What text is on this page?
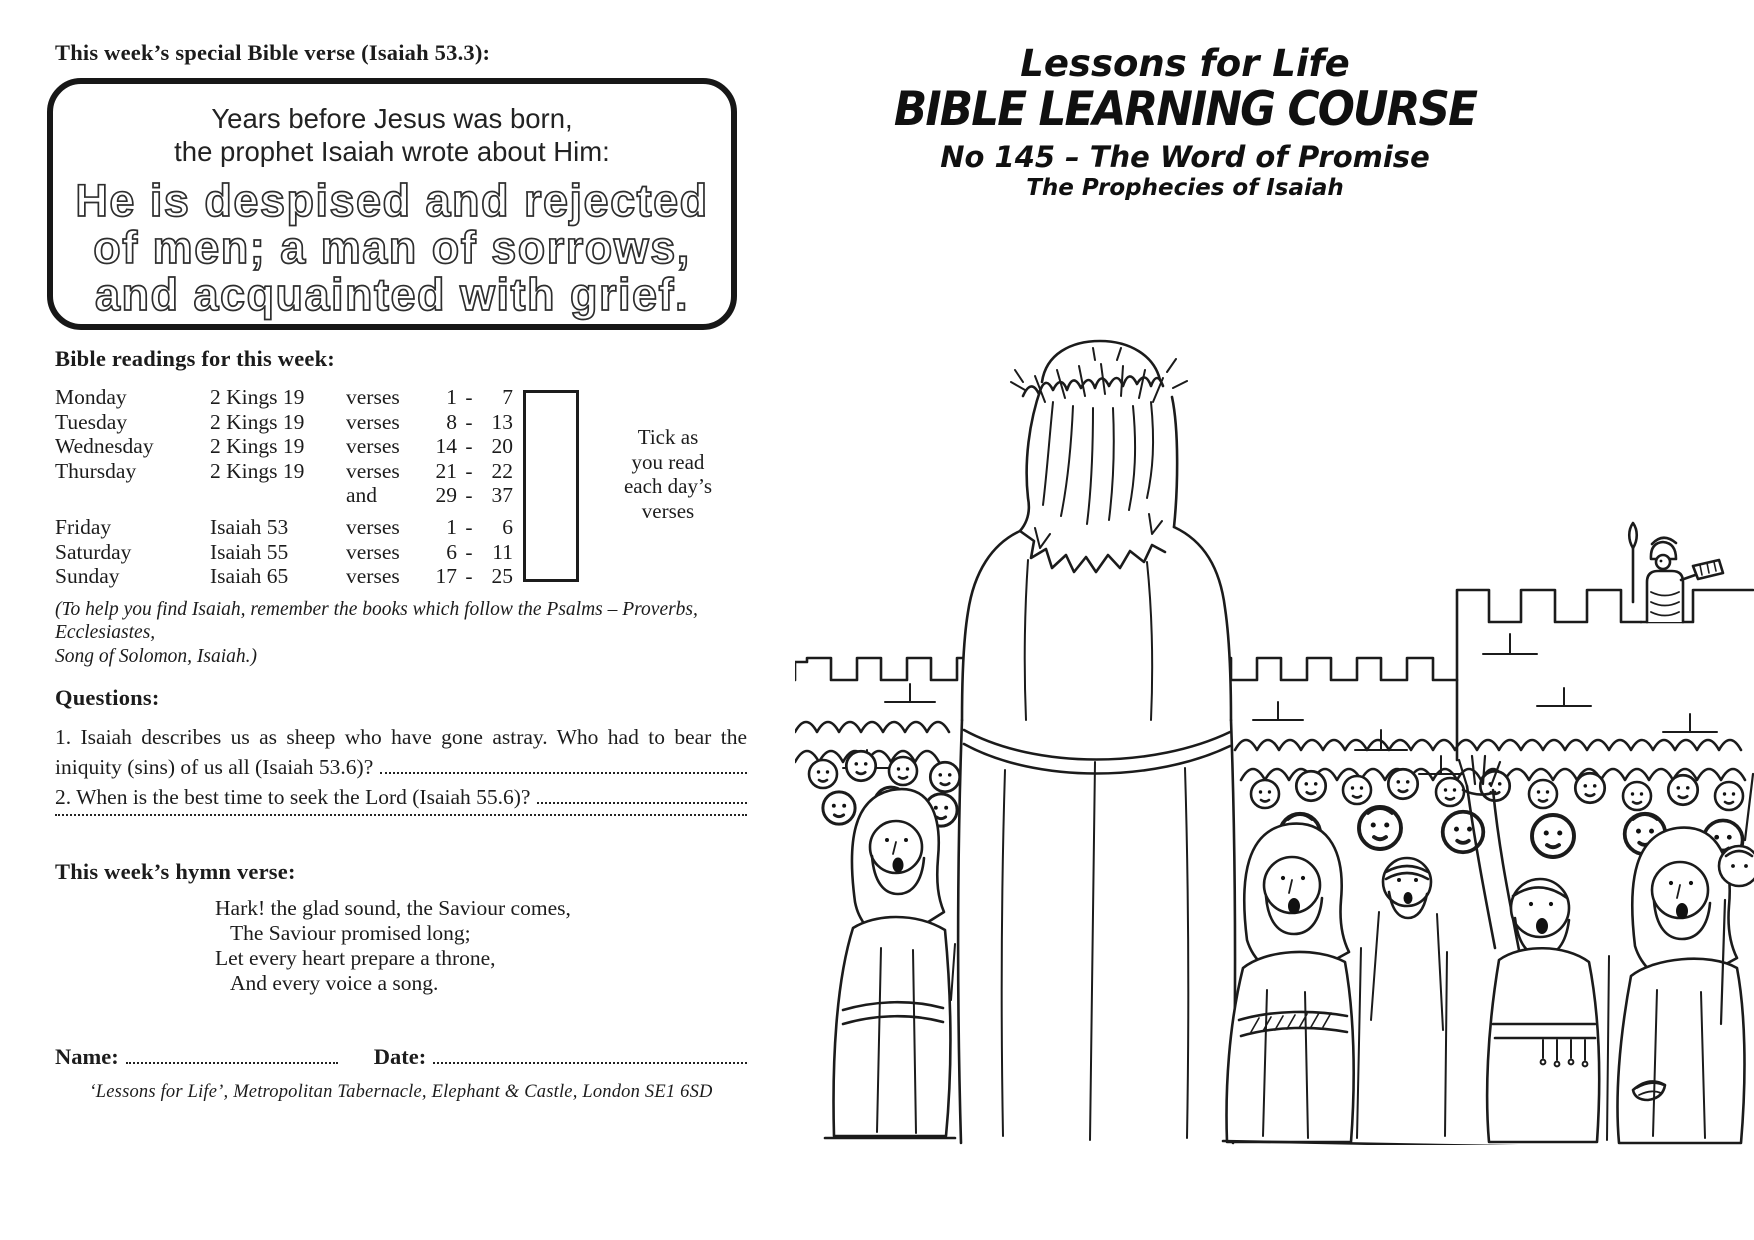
This week’s special Bible verse (Isaiah 53.3):
Years before Jesus was born,
the prophet Isaiah wrote about Him:
He is despised and rejected
of men; a man of sorrows,
and acquainted with grief.
Bible readings for this week:
Monday	2 Kings 19	verses	1 -	7
Tuesday	2 Kings 19	verses	8 - 13
Wednesday	2 Kings 19	verses	14 - 20
Thursday	2 Kings 19	verses	21 - 22
and	29 - 37
Friday	Isaiah 53	verses	1 -	6
Saturday	Isaiah 55	verses	6 - 11
Sunday	Isaiah 65	verses	17 - 25
Tick as
you read
each day’s
verses
(To help you find Isaiah, remember the books which follow the Psalms – Proverbs, Ecclesiastes,
Song of Solomon, Isaiah.)
Questions:
1. Isaiah describes us as sheep who have gone astray. Who had to bear the
iniquity (sins) of us all (Isaiah 53.6)?
2. When is the best time to seek the Lord (Isaiah 55.6)?
This week’s hymn verse:
Hark! the glad sound, the Saviour comes,
The Saviour promised long;
Let every heart prepare a throne,
And every voice a song.
Name:	Date:
‘Lessons for Life’, Metropolitan Tabernacle, Elephant & Castle, London SE1 6SD
Lessons for Life
BIBLE LEARNING COURSE
No 145 – The Word of Promise
The Prophecies of Isaiah
